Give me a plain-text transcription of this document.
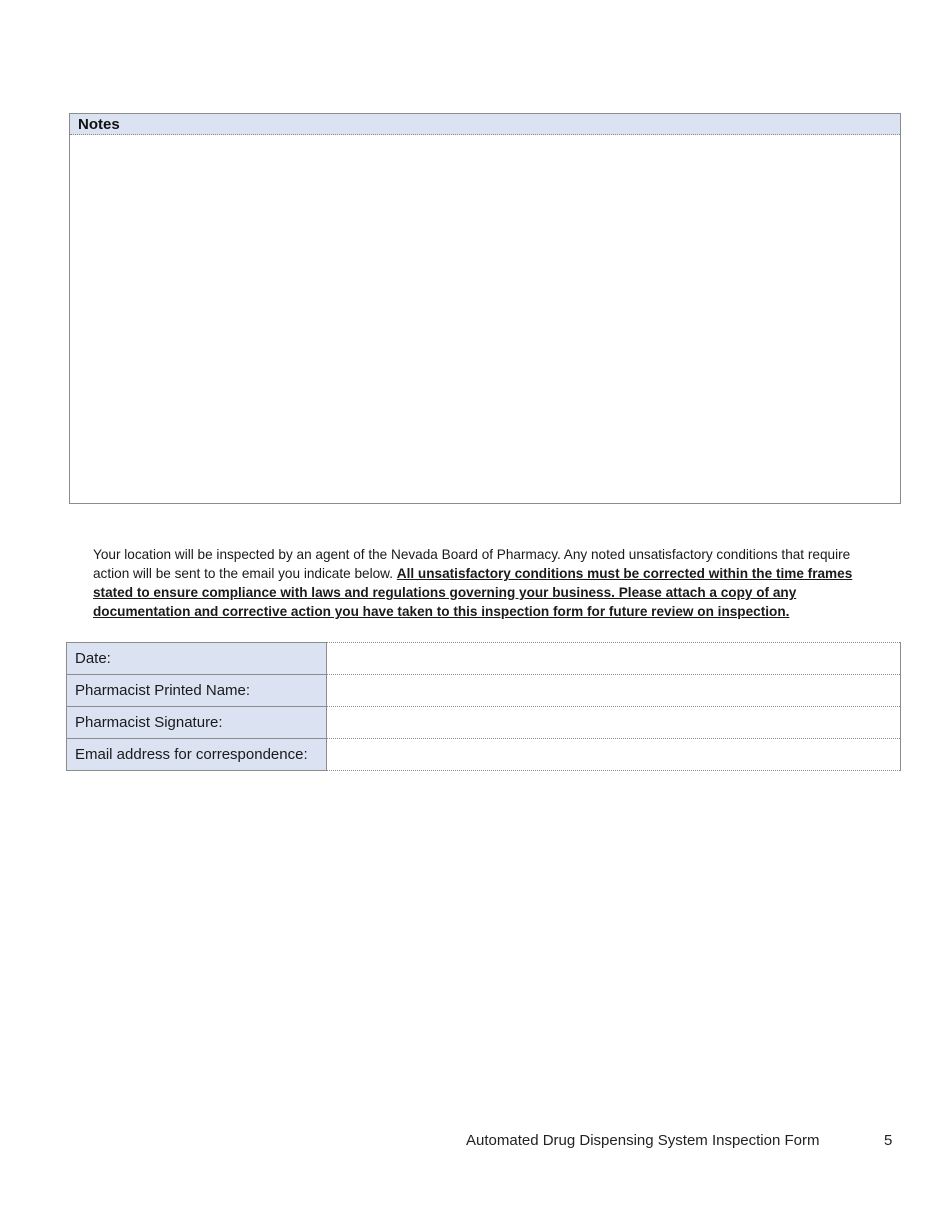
Notes
Your location will be inspected by an agent of the Nevada Board of Pharmacy. Any noted unsatisfactory conditions that require action will be sent to the email you indicate below. All unsatisfactory conditions must be corrected within the time frames stated to ensure compliance with laws and regulations governing your business. Please attach a copy of any documentation and corrective action you have taken to this inspection form for future review on inspection.
Date:	
Pharmacist Printed Name:	
Pharmacist Signature:	
Email address for correspondence:	
Automated Drug Dispensing System Inspection Form	5
